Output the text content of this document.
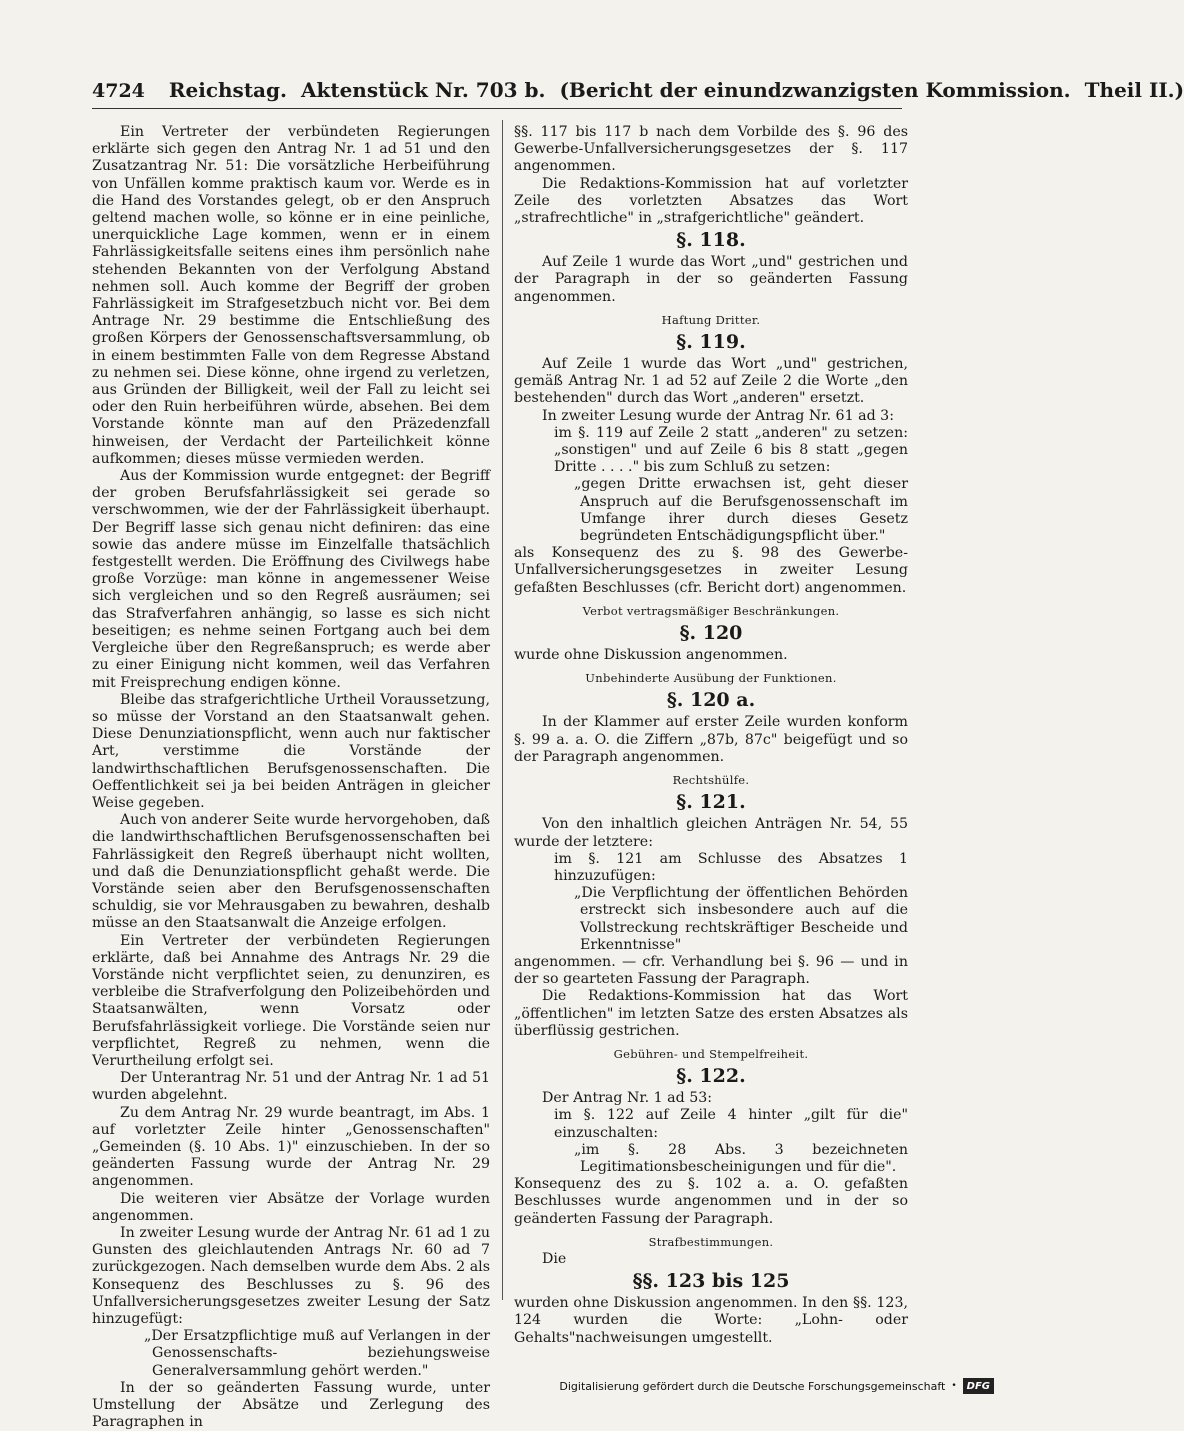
4724 Reichstag. Aktenstück Nr. 703 b. (Bericht der einundzwanzigsten Kommission. Theil II.)

Ein Vertreter der verbündeten Regierungen erklärte sich gegen den Antrag Nr. 1 ad 51 und den Zusatzantrag Nr. 51: Die vorsätzliche Herbeiführung von Unfällen komme praktisch kaum vor. Werde es in die Hand des Vorstandes gelegt, ob er den Anspruch geltend machen wolle, so könne er in eine peinliche, unerquickliche Lage kommen, wenn er in einem Fahrlässigkeitsfalle seitens eines ihm persönlich nahe stehenden Bekannten von der Verfolgung Abstand nehmen soll. Auch komme der Begriff der groben Fahrlässigkeit im Strafgesetzbuch nicht vor. Bei dem Antrage Nr. 29 bestimme die Entschließung des großen Körpers der Genossenschaftsversammlung, ob in einem bestimmten Falle von dem Regresse Abstand zu nehmen sei. Diese könne, ohne irgend zu verletzen, aus Gründen der Billigkeit, weil der Fall zu leicht sei oder den Ruin herbeiführen würde, absehen. Bei dem Vorstande könnte man auf den Präzedenzfall hinweisen, der Verdacht der Parteilichkeit könne aufkommen; dieses müsse vermieden werden.

Aus der Kommission wurde entgegnet: der Begriff der groben Berufsfahrlässigkeit sei gerade so verschwommen, wie der der Fahrlässigkeit überhaupt. Der Begriff lasse sich genau nicht definiren: das eine sowie das andere müsse im Einzelfalle thatsächlich festgestellt werden. Die Eröffnung des Civilwegs habe große Vorzüge: man könne in angemessener Weise sich vergleichen und so den Regreß ausräumen; sei das Strafverfahren anhängig, so lasse es sich nicht beseitigen; es nehme seinen Fortgang auch bei dem Vergleiche über den Regreßanspruch; es werde aber zu einer Einigung nicht kommen, weil das Verfahren mit Freisprechung endigen könne.

Bleibe das strafgerichtliche Urtheil Voraussetzung, so müsse der Vorstand an den Staatsanwalt gehen. Diese Denunziationspflicht, wenn auch nur faktischer Art, verstimme die Vorstände der landwirthschaftlichen Berufsgenossenschaften. Die Oeffentlichkeit sei ja bei beiden Anträgen in gleicher Weise gegeben.

Auch von anderer Seite wurde hervorgehoben, daß die landwirthschaftlichen Berufsgenossenschaften bei Fahrlässigkeit den Regreß überhaupt nicht wollten, und daß die Denunziationspflicht gehaßt werde. Die Vorstände seien aber den Berufsgenossenschaften schuldig, sie vor Mehrausgaben zu bewahren, deshalb müsse an den Staatsanwalt die Anzeige erfolgen.

Ein Vertreter der verbündeten Regierungen erklärte, daß bei Annahme des Antrags Nr. 29 die Vorstände nicht verpflichtet seien, zu denunziren, es verbleibe die Strafverfolgung den Polizeibehörden und Staatsanwälten, wenn Vorsatz oder Berufsfahrlässigkeit vorliege. Die Vorstände seien nur verpflichtet, Regreß zu nehmen, wenn die Verurtheilung erfolgt sei.

Der Unterantrag Nr. 51 und der Antrag Nr. 1 ad 51 wurden abgelehnt.

Zu dem Antrag Nr. 29 wurde beantragt, im Abs. 1 auf vorletzter Zeile hinter „Genossenschaften" „Gemeinden (§. 10 Abs. 1)" einzuschieben. In der so geänderten Fassung wurde der Antrag Nr. 29 angenommen.

Die weiteren vier Absätze der Vorlage wurden angenommen.

In zweiter Lesung wurde der Antrag Nr. 61 ad 1 zu Gunsten des gleichlautenden Antrags Nr. 60 ad 7 zurückgezogen. Nach demselben wurde dem Abs. 2 als Konsequenz des Beschlusses zu §. 96 des Unfallversicherungsgesetzes zweiter Lesung der Satz hinzugefügt:

„Der Ersatzpflichtige muß auf Verlangen in der Genossenschafts- beziehungsweise Generalversammlung gehört werden."

In der so geänderten Fassung wurde, unter Umstellung der Absätze und Zerlegung des Paragraphen in

§§. 117 bis 117 b nach dem Vorbilde des §. 96 des Gewerbe-Unfallversicherungsgesetzes der §. 117 angenommen.

Die Redaktions-Kommission hat auf vorletzter Zeile des vorletzten Absatzes das Wort „strafrechtliche" in „strafgerichtliche" geändert.

§. 118.

Auf Zeile 1 wurde das Wort „und" gestrichen und der Paragraph in der so geänderten Fassung angenommen.

Haftung Dritter.
§. 119.

Auf Zeile 1 wurde das Wort „und" gestrichen, gemäß Antrag Nr. 1 ad 52 auf Zeile 2 die Worte „den bestehenden" durch das Wort „anderen" ersetzt.

In zweiter Lesung wurde der Antrag Nr. 61 ad 3:

im §. 119 auf Zeile 2 statt „anderen" zu setzen: „sonstigen" und auf Zeile 6 bis 8 statt „gegen Dritte . . . ." bis zum Schluß zu setzen:

„gegen Dritte erwachsen ist, geht dieser Anspruch auf die Berufsgenossenschaft im Umfange ihrer durch dieses Gesetz begründeten Entschädigungspflicht über."

als Konsequenz des zu §. 98 des Gewerbe-Unfallversicherungsgesetzes in zweiter Lesung gefaßten Beschlusses (cfr. Bericht dort) angenommen.

Verbot vertragsmäßiger Beschränkungen.
§. 120

wurde ohne Diskussion angenommen.

Unbehinderte Ausübung der Funktionen.
§. 120 a.

In der Klammer auf erster Zeile wurden konform §. 99 a. a. O. die Ziffern „87b, 87c" beigefügt und so der Paragraph angenommen.

Rechtshülfe.
§. 121.

Von den inhaltlich gleichen Anträgen Nr. 54, 55 wurde der letztere:

im §. 121 am Schlusse des Absatzes 1 hinzuzufügen:

„Die Verpflichtung der öffentlichen Behörden erstreckt sich insbesondere auch auf die Vollstreckung rechtskräftiger Bescheide und Erkenntnisse"

angenommen. — cfr. Verhandlung bei §. 96 — und in der so gearteten Fassung der Paragraph.

Die Redaktions-Kommission hat das Wort „öffentlichen" im letzten Satze des ersten Absatzes als überflüssig gestrichen.

Gebühren- und Stempelfreiheit.
§. 122.

Der Antrag Nr. 1 ad 53:

im §. 122 auf Zeile 4 hinter „gilt für die" einzuschalten:

„im §. 28 Abs. 3 bezeichneten Legitimationsbescheinigungen und für die".

Konsequenz des zu §. 102 a. a. O. gefaßten Beschlusses wurde angenommen und in der so geänderten Fassung der Paragraph.

Strafbestimmungen.

Die

§§. 123 bis 125

wurden ohne Diskussion angenommen. In den §§. 123, 124 wurden die Worte: „Lohn- oder Gehalts"nachweisungen umgestellt.

Digitalisierung gefördert durch die Deutsche Forschungsgemeinschaft •	DFG
